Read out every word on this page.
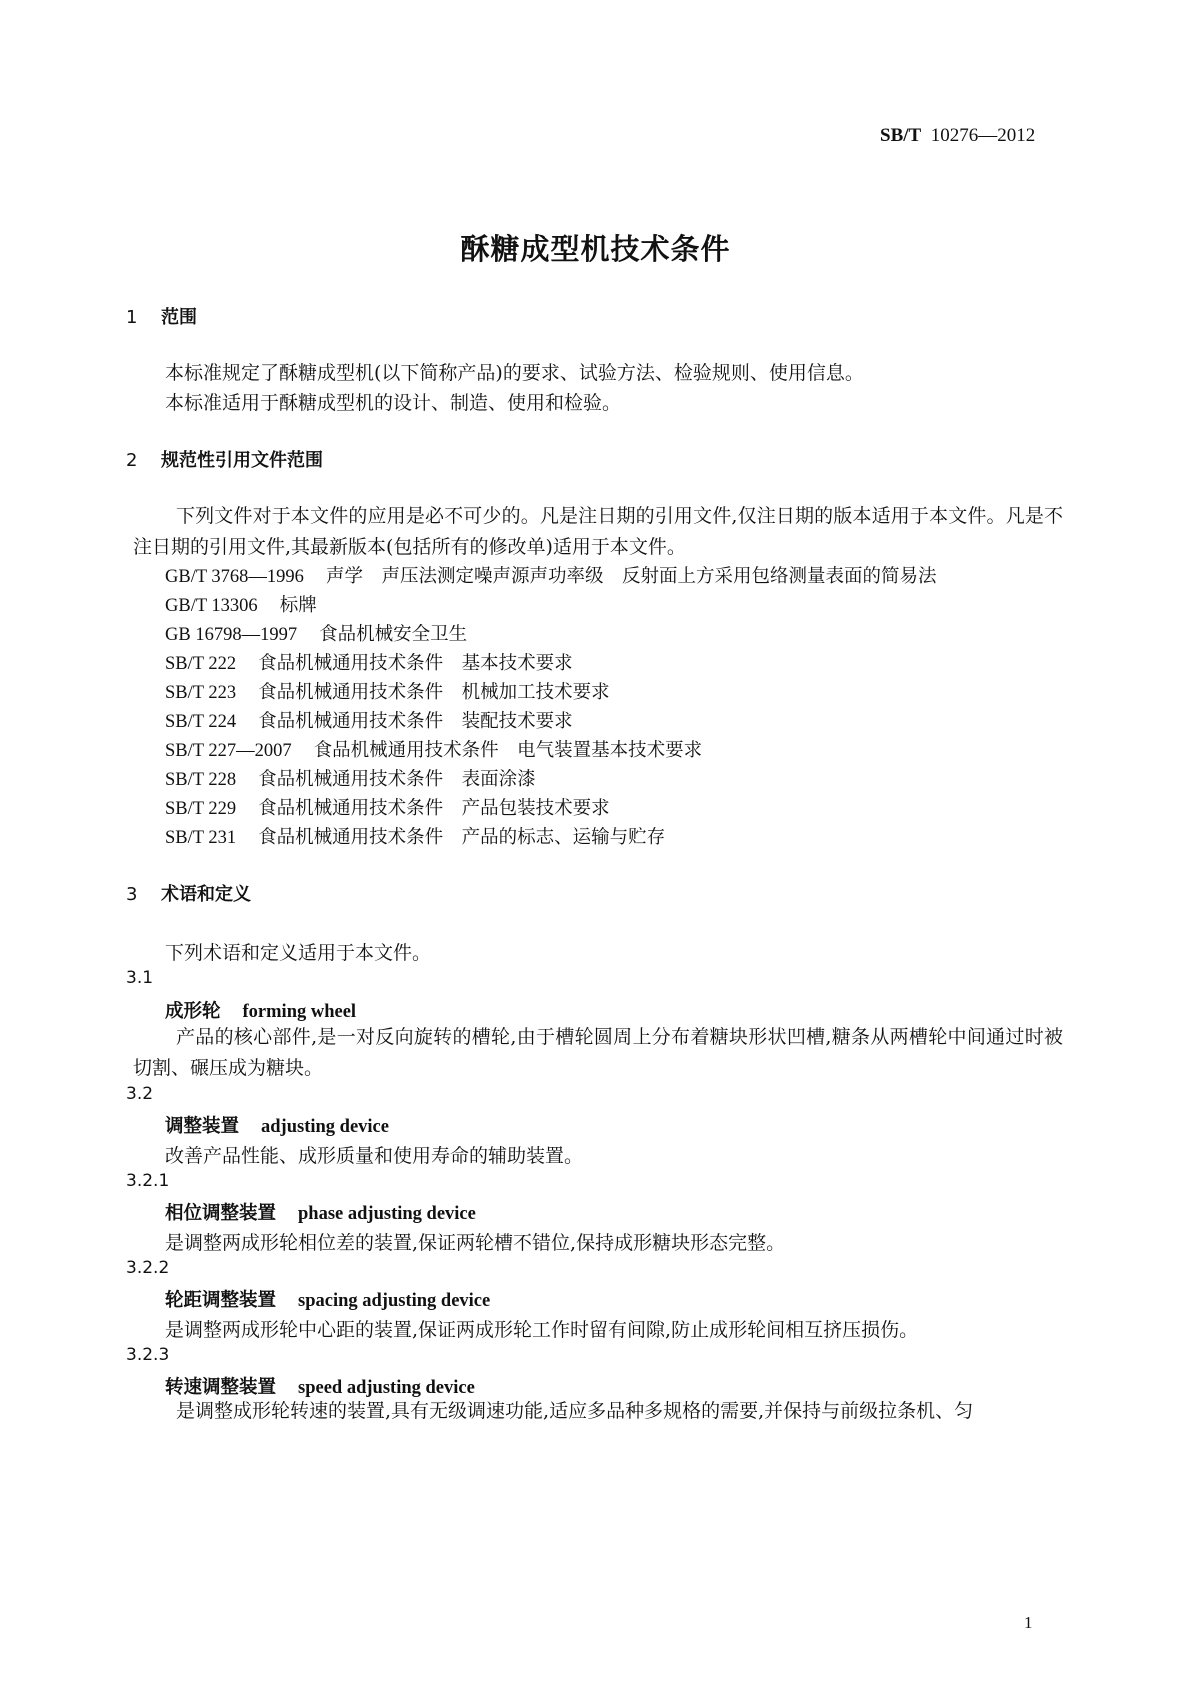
SB/T 10276—2012
酥糖成型机技术条件
1 范围
本标准规定了酥糖成型机(以下简称产品)的要求、试验方法、检验规则、使用信息。
本标准适用于酥糖成型机的设计、制造、使用和检验。
2 规范性引用文件范围
下列文件对于本文件的应用是必不可少的。凡是注日期的引用文件,仅注日期的版本适用于本文件。凡是不注日期的引用文件,其最新版本(包括所有的修改单)适用于本文件。
GB/T 3768—1996 声学　声压法测定噪声源声功率级　反射面上方采用包络测量表面的简易法
GB/T 13306 标牌
GB 16798—1997 食品机械安全卫生
SB/T 222 食品机械通用技术条件　基本技术要求
SB/T 223 食品机械通用技术条件　机械加工技术要求
SB/T 224 食品机械通用技术条件　装配技术要求
SB/T 227—2007 食品机械通用技术条件　电气装置基本技术要求
SB/T 228 食品机械通用技术条件　表面涂漆
SB/T 229 食品机械通用技术条件　产品包装技术要求
SB/T 231 食品机械通用技术条件　产品的标志、运输与贮存
3 术语和定义
下列术语和定义适用于本文件。
3.1
成形轮 forming wheel
产品的核心部件,是一对反向旋转的槽轮,由于槽轮圆周上分布着糖块形状凹槽,糖条从两槽轮中间通过时被切割、碾压成为糖块。
3.2
调整装置 adjusting device
改善产品性能、成形质量和使用寿命的辅助装置。
3.2.1
相位调整装置 phase adjusting device
是调整两成形轮相位差的装置,保证两轮槽不错位,保持成形糖块形态完整。
3.2.2
轮距调整装置 spacing adjusting device
是调整两成形轮中心距的装置,保证两成形轮工作时留有间隙,防止成形轮间相互挤压损伤。
3.2.3
转速调整装置 speed adjusting device
是调整成形轮转速的装置,具有无级调速功能,适应多品种多规格的需要,并保持与前级拉条机、匀
1
